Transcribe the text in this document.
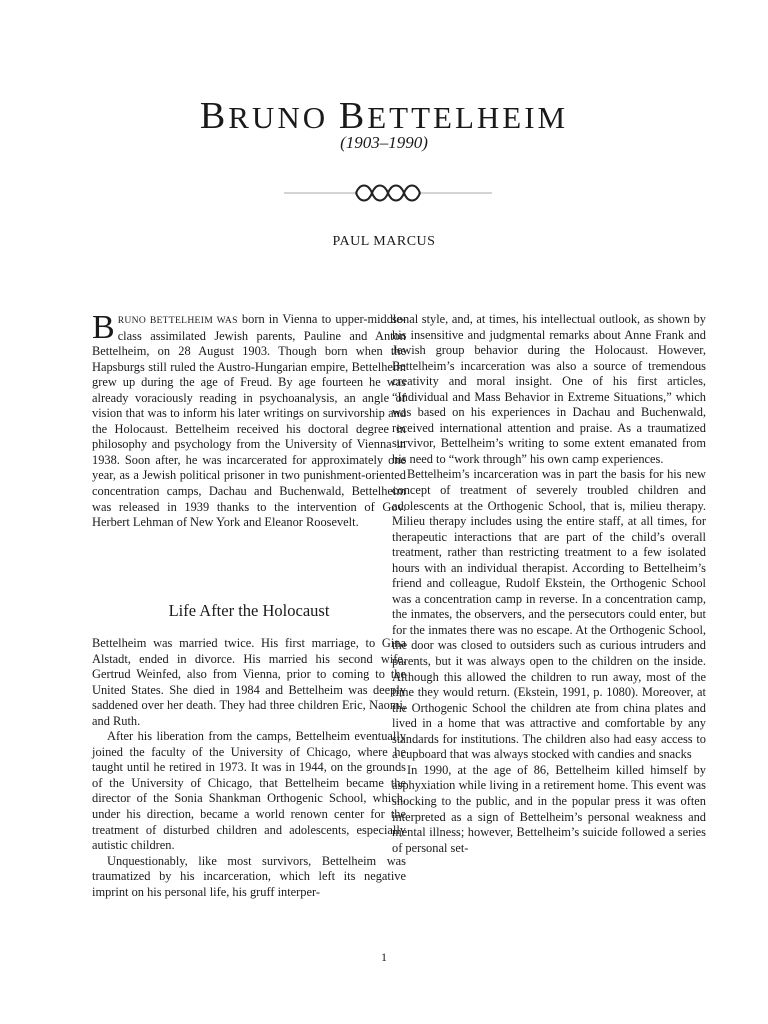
BRUNO BETTELHEIM
(1903–1990)
PAUL MARCUS

BRUNO BETTELHEIM WAS born in Vienna to upper-middle-class assimilated Jewish parents, Pauline and Anton Bettelheim, on 28 August 1903. Though born when the Hapsburgs still ruled the Austro-Hungarian empire, Bettelheim grew up during the age of Freud. By age fourteen he was already voraciously reading in psychoanalysis, an angle of vision that was to inform his later writings on survivorship and the Holocaust. Bettelheim received his doctoral degree in philosophy and psychology from the University of Vienna in 1938. Soon after, he was incarcerated for approximately one year, as a Jewish political prisoner in two punishment-oriented concentration camps, Dachau and Buchenwald, Bettelheim was released in 1939 thanks to the intervention of Gov. Herbert Lehman of New York and Eleanor Roosevelt.

Life After the Holocaust

Bettelheim was married twice. His first marriage, to Gina Alstadt, ended in divorce. His married his second wife, Gertrud Weinfed, also from Vienna, prior to coming to the United States. She died in 1984 and Bettelheim was deeply saddened over her death. They had three children Eric, Naomi, and Ruth.

After his liberation from the camps, Bettelheim eventually joined the faculty of the University of Chicago, where he taught until he retired in 1973. It was in 1944, on the grounds of the University of Chicago, that Bettelheim became the director of the Sonia Shankman Orthogenic School, which, under his direction, became a world renown center for the treatment of disturbed children and adolescents, especially autistic children.

Unquestionably, like most survivors, Bettelheim was traumatized by his incarceration, which left its negative imprint on his personal life, his gruff interper-

sonal style, and, at times, his intellectual outlook, as shown by his insensitive and judgmental remarks about Anne Frank and Jewish group behavior during the Holocaust. However, Bettelheim’s incarceration was also a source of tremendous creativity and moral insight. One of his first articles, “Individual and Mass Behavior in Extreme Situations,” which was based on his experiences in Dachau and Buchenwald, received international attention and praise. As a traumatized survivor, Bettelheim’s writing to some extent emanated from his need to “work through” his own camp experiences.

Bettelheim’s incarceration was in part the basis for his new concept of treatment of severely troubled children and adolescents at the Orthogenic School, that is, milieu therapy. Milieu therapy includes using the entire staff, at all times, for therapeutic interactions that are part of the child’s overall treatment, rather than restricting treatment to a few isolated hours with an individual therapist. According to Bettelheim’s friend and colleague, Rudolf Ekstein, the Orthogenic School was a concentration camp in reverse. In a concentration camp, the inmates, the observers, and the persecutors could enter, but for the inmates there was no escape. At the Orthogenic School, the door was closed to outsiders such as curious intruders and parents, but it was always open to the children on the inside. Although this allowed the children to run away, most of the time they would return. (Ekstein, 1991, p. 1080). Moreover, at the Orthogenic School the children ate from china plates and lived in a home that was attractive and comfortable by any standards for institutions. The children also had easy access to a cupboard that was always stocked with candies and snacks

In 1990, at the age of 86, Bettelheim killed himself by asphyxiation while living in a retirement home. This event was shocking to the public, and in the popular press it was often interpreted as a sign of Bettelheim’s personal weakness and mental illness; however, Bettelheim’s suicide followed a series of personal set-

1
